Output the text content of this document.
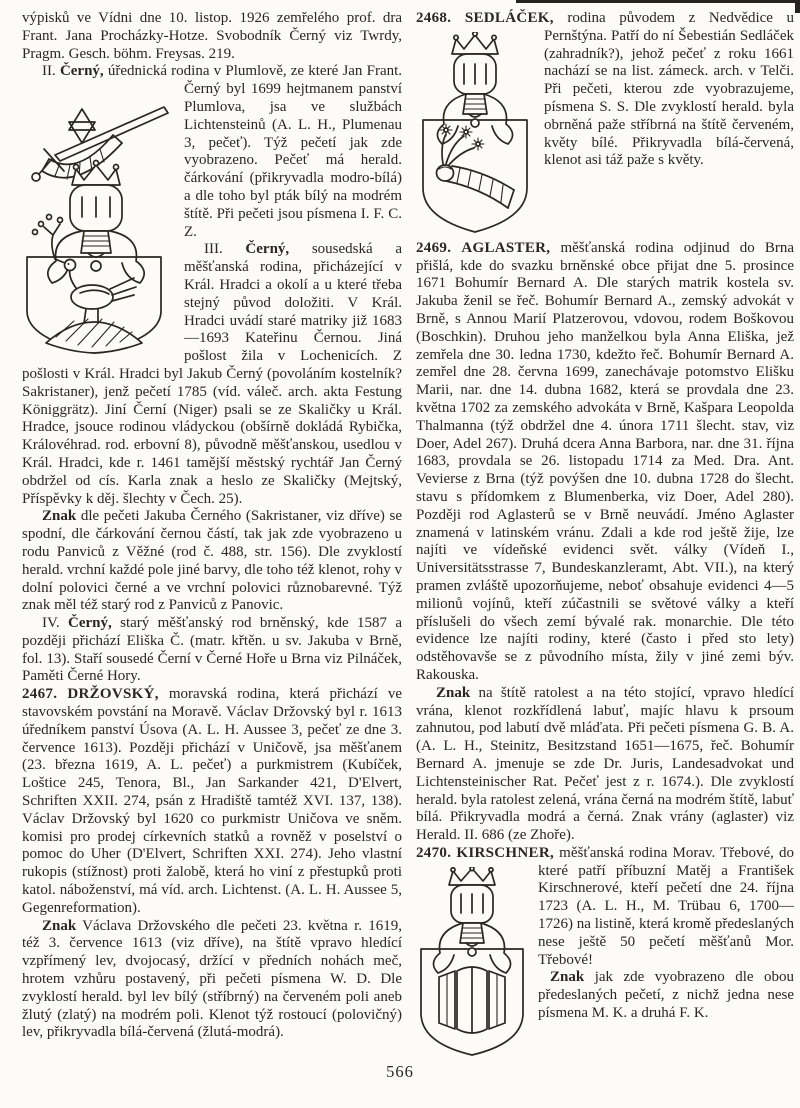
výpisků ve Vídni dne 10. listop. 1926 zemřelého prof. dra Frant. Jana Procházky-Hotze. Svobodník Černý viz Twrdy, Pragm. Gesch. böhm. Freysas. 219.

II. Černý, úřednická rodina v Plumlově, ze které Jan Frant. Černý byl 1699 hejtmanem panství Plumlova, jsa ve službách Lichtensteinů (A. L. H., Plumenau 3, pečeť). Týž pečetí jak zde vyobrazeno. Pečeť má herald. čárkování (přikryvadla modro-bílá) a dle toho byl pták bílý na modrém štítě. Při pečeti jsou písmena I. F. C. Z.

III. Černý, sousedská a měšťanská rodina, přicházející v Král. Hradci a okolí a u které třeba stejný původ doložiti. V Král. Hradci uvádí staré matriky již 1683—1693 Kateřinu Černou. Jiná pošlost žila v Lochenicích. Z pošlosti v Král. Hradci byl Jakub Černý (povoláním kostelník? Sakristaner), jenž pečetí 1785 (víd. váleč. arch. akta Festung Königgrätz). Jiní Černí (Niger) psali se ze Skaličky u Král. Hradce, jsouce rodinou vládyckou (obšírně dokládá Rybička, Královéhrad. rod. erbovní 8), původně měšťanskou, usedlou v Král. Hradci, kde r. 1461 tamější městský rychtář Jan Černý obdržel od cís. Karla znak a heslo ze Skaličky (Mejtský, Příspěvky k děj. šlechty v Čech. 25).

Znak dle pečeti Jakuba Černého (Sakristaner, viz dříve) se spodní, dle čárkování černou částí, tak jak zde vyobrazeno u rodu Panviců z Věžné (rod č. 488, str. 156). Dle zvyklostí herald. vrchní každé pole jiné barvy, dle toho též klenot, rohy v dolní polovici černé a ve vrchní polovici různobarevné. Týž znak měl též starý rod z Panviců z Panovic.

IV. Černý, starý měšťanský rod brněnský, kde 1587 a později přichází Eliška Č. (matr. křtěn. u sv. Jakuba v Brně, fol. 13). Staří sousedé Černí v Černé Hoře u Brna viz Pilnáček, Paměti Černé Hory.

2467. DRŽOVSKÝ, moravská rodina, která přichází ve stavovském povstání na Moravě. Václav Držovský byl r. 1613 úředníkem panství Úsova (A. L. H. Aussee 3, pečeť ze dne 3. července 1613). Později přichází v Uničově, jsa měšťanem (23. března 1619, A. L. pečeť) a purkmistrem (Kubíček, Loštice 245, Tenora, Bl., Jan Sarkander 421, D'Elvert, Schriften XXII. 274, psán z Hradiště tamtéž XVI. 137, 138). Václav Držovský byl 1620 co purkmistr Uničova ve sněm. komisi pro prodej církevních statků a rovněž v poselství o pomoc do Uher (D'Elvert, Schriften XXI. 274). Jeho vlastní rukopis (stížnost) proti žalobě, která ho viní z přestupků proti katol. náboženství, má víd. arch. Lichtenst. (A. L. H. Aussee 5, Gegenreformation).

Znak Václava Držovského dle pečeti 23. května r. 1619, též 3. července 1613 (viz dříve), na štítě vpravo hledící vzpřímený lev, dvojocasý, držící v předních nohách meč, hrotem vzhůru postavený, při pečeti písmena W. D. Dle zvyklostí herald. byl lev bílý (stříbrný) na červeném poli aneb žlutý (zlatý) na modrém poli. Klenot týž rostoucí (polovičný) lev, přikryvadla bílá-červená (žlutá-modrá).

2468. SEDLÁČEK, rodina původem z Nedvědice u
Pernštýna. Patří do ní Šebestián Sedláček (zahradník?), jehož pečeť z roku 1661 nachází se na list. zámeck. arch. v Telči. Při pečeti, kterou zde vyobrazujeme, písmena S. S. Dle zvyklostí herald. byla obrněná paže stříbrná na štítě červeném, květy bílé. Přikryvadla bílá-červená, klenot asi táž paže s květy.

2469. AGLASTER, měšťanská rodina odjinud do Brna přišlá, kde do svazku brněnské obce přijat dne 5. prosince 1671 Bohumír Bernard A. Dle starých matrik kostela sv. Jakuba ženil se řeč. Bohumír Bernard A., zemský advokát v Brně, s Annou Marií Platzerovou, vdovou, rodem Boškovou (Boschkin). Druhou jeho manželkou byla Anna Eliška, jež zemřela dne 30. ledna 1730, kdežto řeč. Bohumír Bernard A. zemřel dne 28. června 1699, zanechávaje potomstvo Elišku Marii, nar. dne 14. dubna 1682, která se provdala dne 23. května 1702 za zemského advokáta v Brně, Kašpara Leopolda Thalmanna (týž obdržel dne 4. února 1711 šlecht. stav, viz Doer, Adel 267). Druhá dcera Anna Barbora, nar. dne 31. října 1683, provdala se 26. listopadu 1714 za Med. Dra. Ant. Vevierse z Brna (týž povýšen dne 10. dubna 1728 do šlecht. stavu s přídomkem z Blumenberka, viz Doer, Adel 280). Později rod Aglasterů se v Brně neuvádí. Jméno Aglaster znamená v latinském vránu. Zdali a kde rod ještě žije, lze najíti ve vídeňské evidenci svět. války (Vídeň I., Universitätsstrasse 7, Bundeskanzleramt, Abt. VII.), na který pramen zvláště upozorňujeme, neboť obsahuje evidenci 4—5 milionů vojínů, kteří zúčastnili se světové války a kteří příslušeli do všech zemí bývalé rak. monarchie. Dle této evidence lze najíti rodiny, které (často i před sto lety) odstěhovavše se z původního místa, žily v jiné zemi býv. Rakouska.

Znak na štítě ratolest a na této stojící, vpravo hledící vrána, klenot rozkřídlená labuť, majíc hlavu k prsoum zahnutou, pod labutí dvě mláďata. Při pečeti písmena G. B. A. (A. L. H., Steinitz, Besitzstand 1651—1675, řeč. Bohumír Bernard A. jmenuje se zde Dr. Juris, Landesadvokat und Lichtensteinischer Rat. Pečeť jest z r. 1674.). Dle zvyklostí herald. byla ratolest zelená, vrána černá na modrém štítě, labuť bílá. Přikryvadla modrá a černá. Znak vrány (aglaster) viz Herald. II. 686 (ze Zhoře).

2470. KIRSCHNER, měšťanská rodina Morav. Třebové, do které patří příbuzní Matěj a František Kirschnerové, kteří pečetí dne 24. října 1723 (A. L. H., M. Trübau 6, 1700—1726) na listině, která kromě předeslaných nese ještě 50 pečetí měšťanů Mor. Třebové!

Znak jak zde vyobrazeno dle obou předeslaných pečetí, z nichž jedna nese písmena M. K. a druhá F. K.

566
